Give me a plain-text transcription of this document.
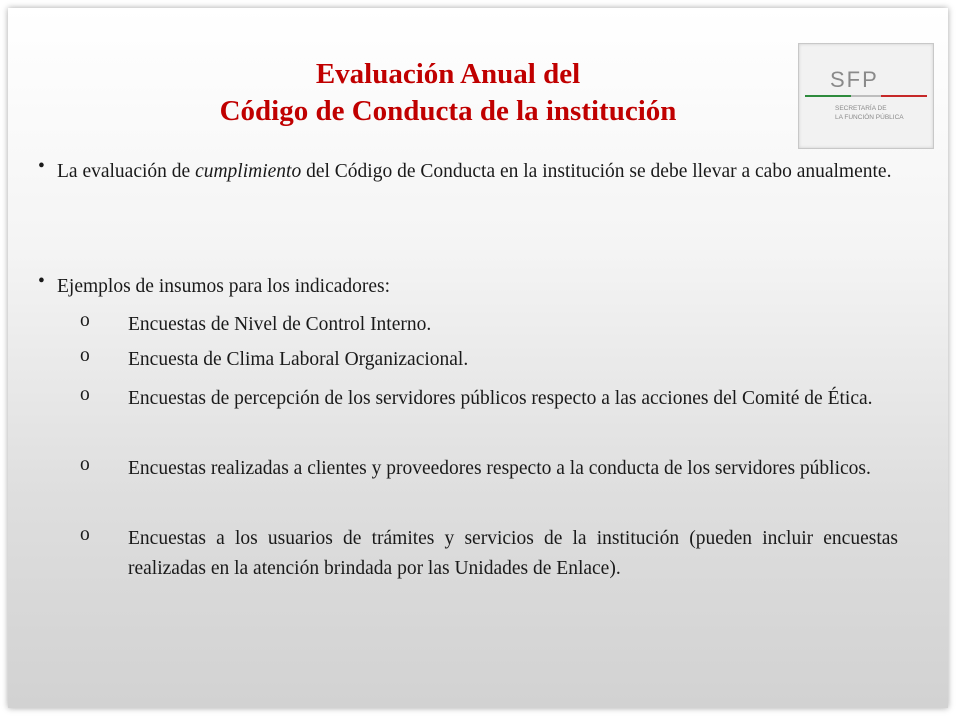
Evaluación Anual del
Código de Conducta de la institución
SFP
SECRETARÍA DE
LA FUNCIÓN PÚBLICA
• La evaluación de cumplimiento del Código de Conducta en la institución se debe llevar a cabo anualmente.
• Ejemplos de insumos para los indicadores:
o Encuestas de Nivel de Control Interno.
o Encuesta de Clima Laboral Organizacional.
o Encuestas de percepción de los servidores públicos respecto a las acciones del Comité de Ética.
o Encuestas realizadas a clientes y proveedores respecto a la conducta de los servidores públicos.
o Encuestas a los usuarios de trámites y servicios de la institución (pueden incluir encuestas realizadas en la atención brindada por las Unidades de Enlace).
